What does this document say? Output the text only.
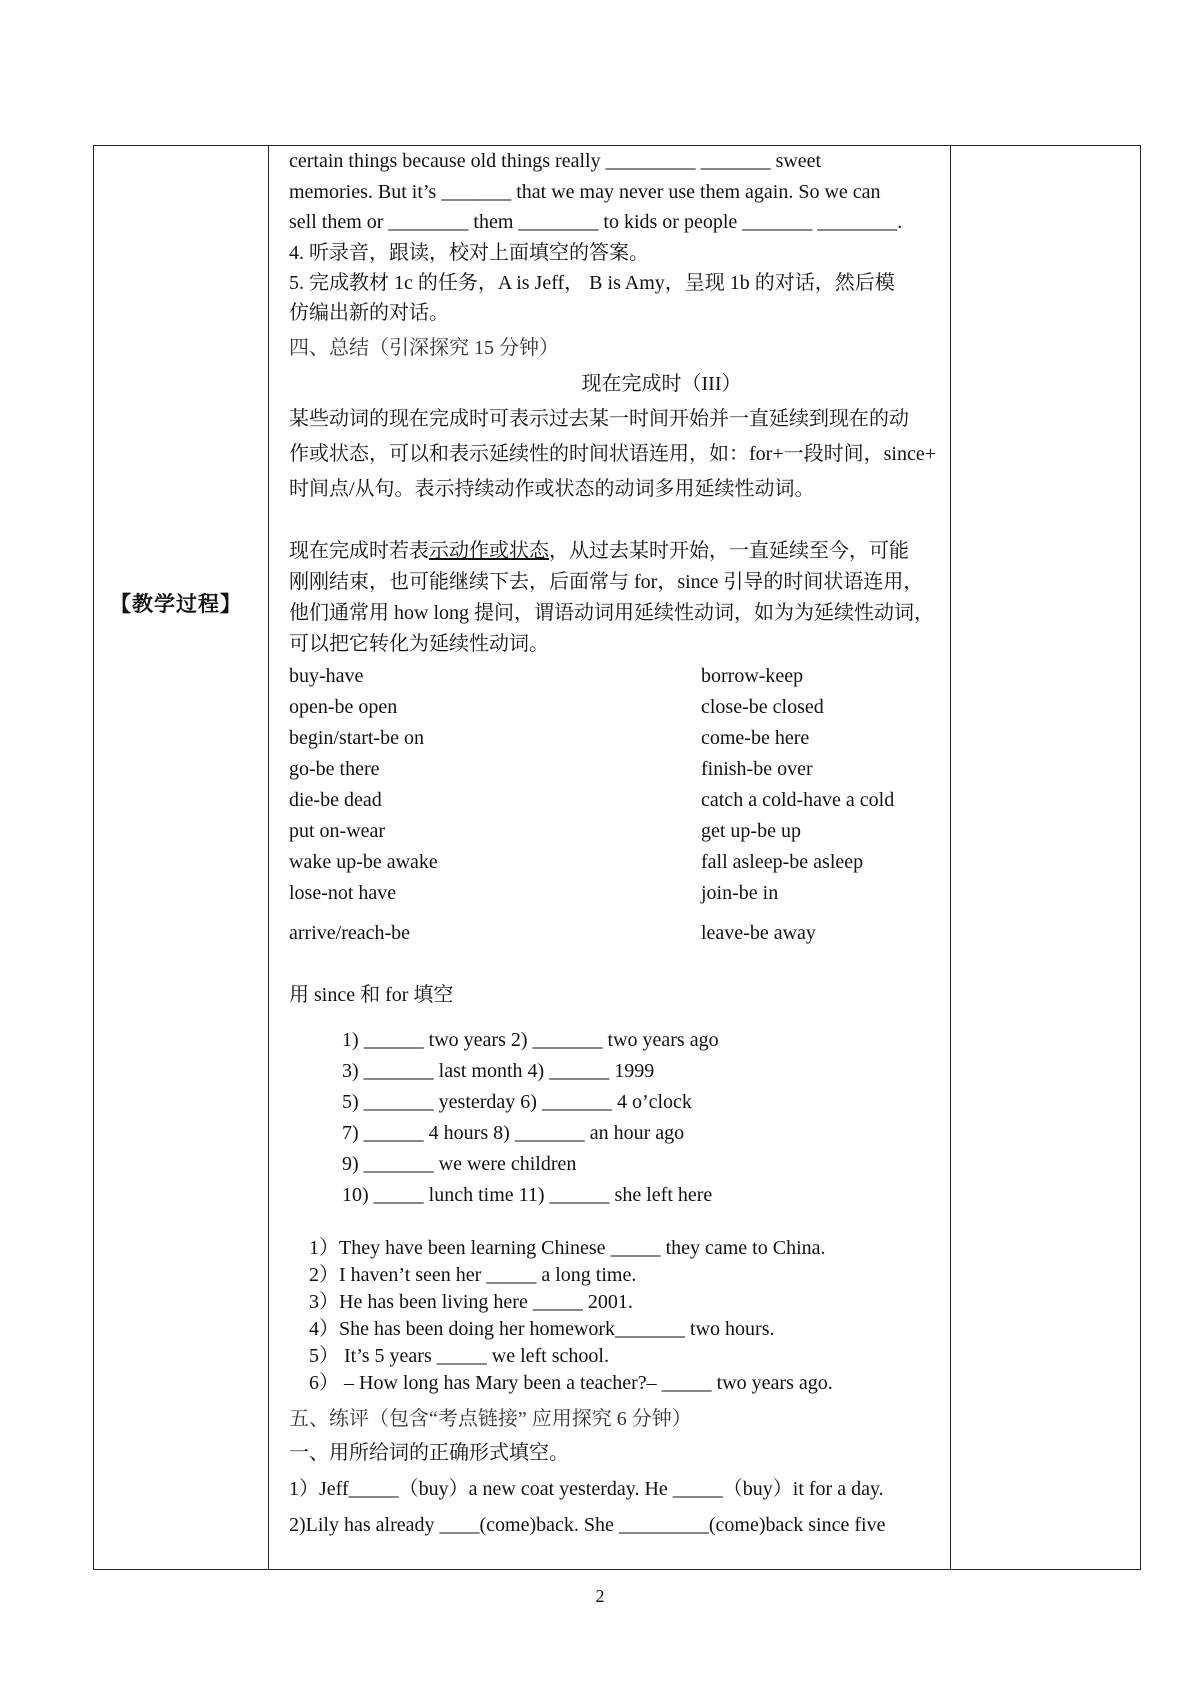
【教学过程】
certain things because old things really _________ _______ sweet
memories. But it’s _______ that we may never use them again. So we can
sell them or ________ them ________ to kids or people _______ ________.
4. 听录音，跟读，校对上面填空的答案。
5. 完成教材 1c 的任务，A is Jeff， B is Amy，呈现 1b 的对话，然后模
仿编出新的对话。
四、总结（引深探究 15 分钟）
现在完成时（III）
某些动词的现在完成时可表示过去某一时间开始并一直延续到现在的动
作或状态，可以和表示延续性的时间状语连用，如：for+一段时间，since+
时间点/从句。表示持续动作或状态的动词多用延续性动词。
现在完成时若表示动作或状态，从过去某时开始，一直延续至今，可能
刚刚结束，也可能继续下去，后面常与 for，since 引导的时间状语连用，
他们通常用 how long 提问，谓语动词用延续性动词，如为为延续性动词，
可以把它转化为延续性动词。
buy-have	borrow-keep
open-be open	close-be closed
begin/start-be on	come-be here
go-be there	finish-be over
die-be dead	catch a cold-have a cold
put on-wear	get up-be up
wake up-be awake	fall asleep-be asleep
lose-not have	join-be in
arrive/reach-be	leave-be away
用 since 和 for 填空
1) ______ two years 2) _______ two years ago
3) _______ last month 4) ______ 1999
5) _______ yesterday 6) _______ 4 o’clock
7) ______ 4 hours 8) _______ an hour ago
9) _______ we were children
10) _____ lunch time 11) ______ she left here
1）They have been learning Chinese _____ they came to China.
2）I haven’t seen her _____ a long time.
3）He has been living here _____ 2001.
4）She has been doing her homework_______ two hours.
5） It’s 5 years _____ we left school.
6） – How long has Mary been a teacher?– _____ two years ago.
五、练评（包含“考点链接” 应用探究 6 分钟）
一、用所给词的正确形式填空。
1）Jeff_____（buy）a new coat yesterday. He _____（buy）it for a day.
2)Lily has already ____(come)back. She _________(come)back since five
2
